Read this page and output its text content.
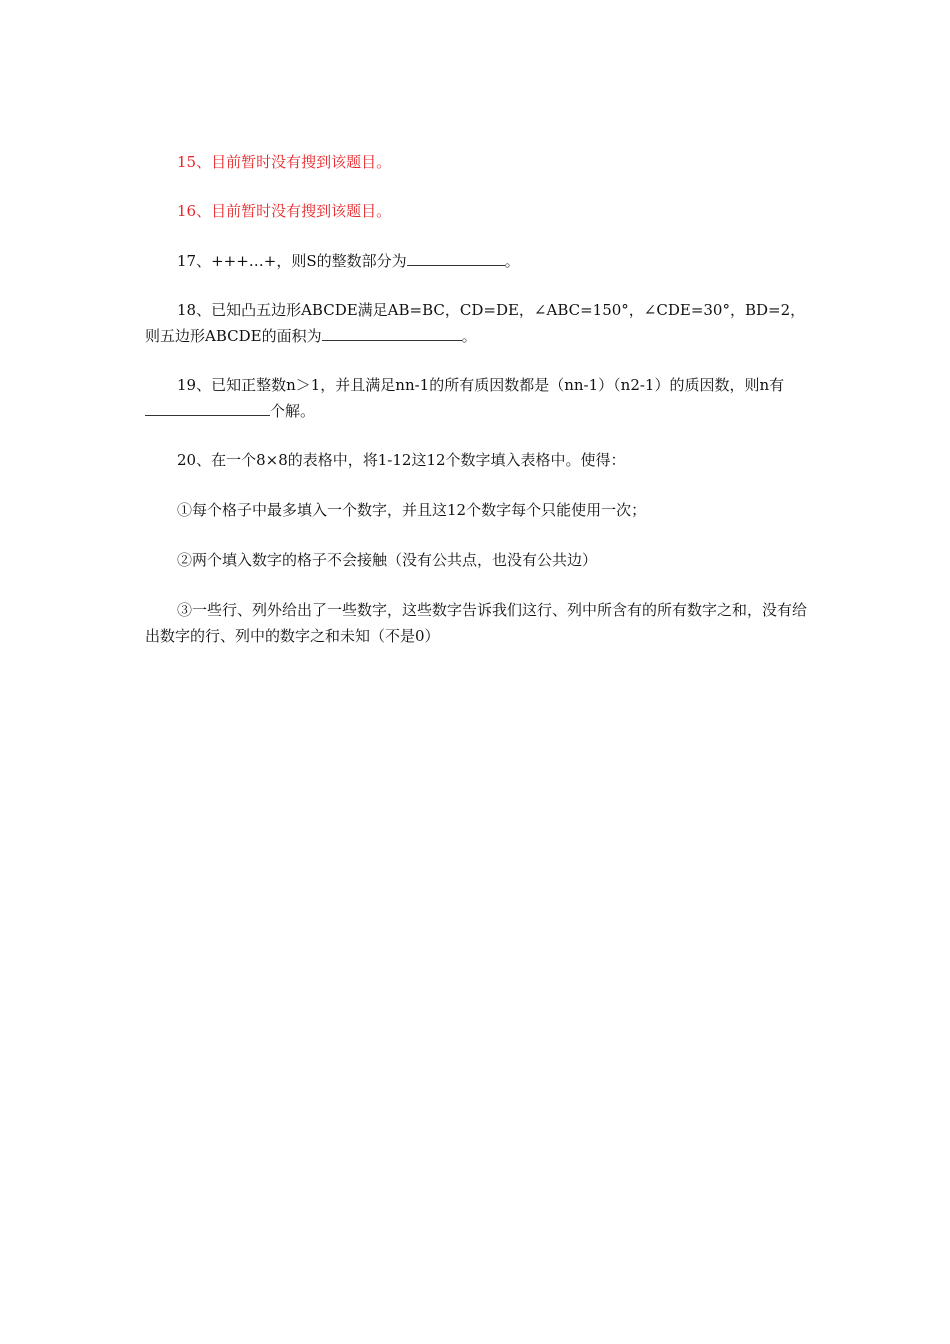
15、目前暂时没有搜到该题目。
16、目前暂时没有搜到该题目。
17、+++…+，则S的整数部分为	。
18、已知凸五边形ABCDE满足AB=BC，CD=DE，∠ABC=150°，∠CDE=30°，BD=2，则五边形ABCDE的面积为	。
19、已知正整数n＞1，并且满足nn-1的所有质因数都是（nn-1）（n2-1）的质因数，则n有个解。
20、在一个8×8的表格中，将1-12这12个数字填入表格中。使得：
①每个格子中最多填入一个数字，并且这12个数字每个只能使用一次；
②两个填入数字的格子不会接触（没有公共点，也没有公共边）
③一些行、列外给出了一些数字，这些数字告诉我们这行、列中所含有的所有数字之和，没有给出数字的行、列中的数字之和未知（不是0）
